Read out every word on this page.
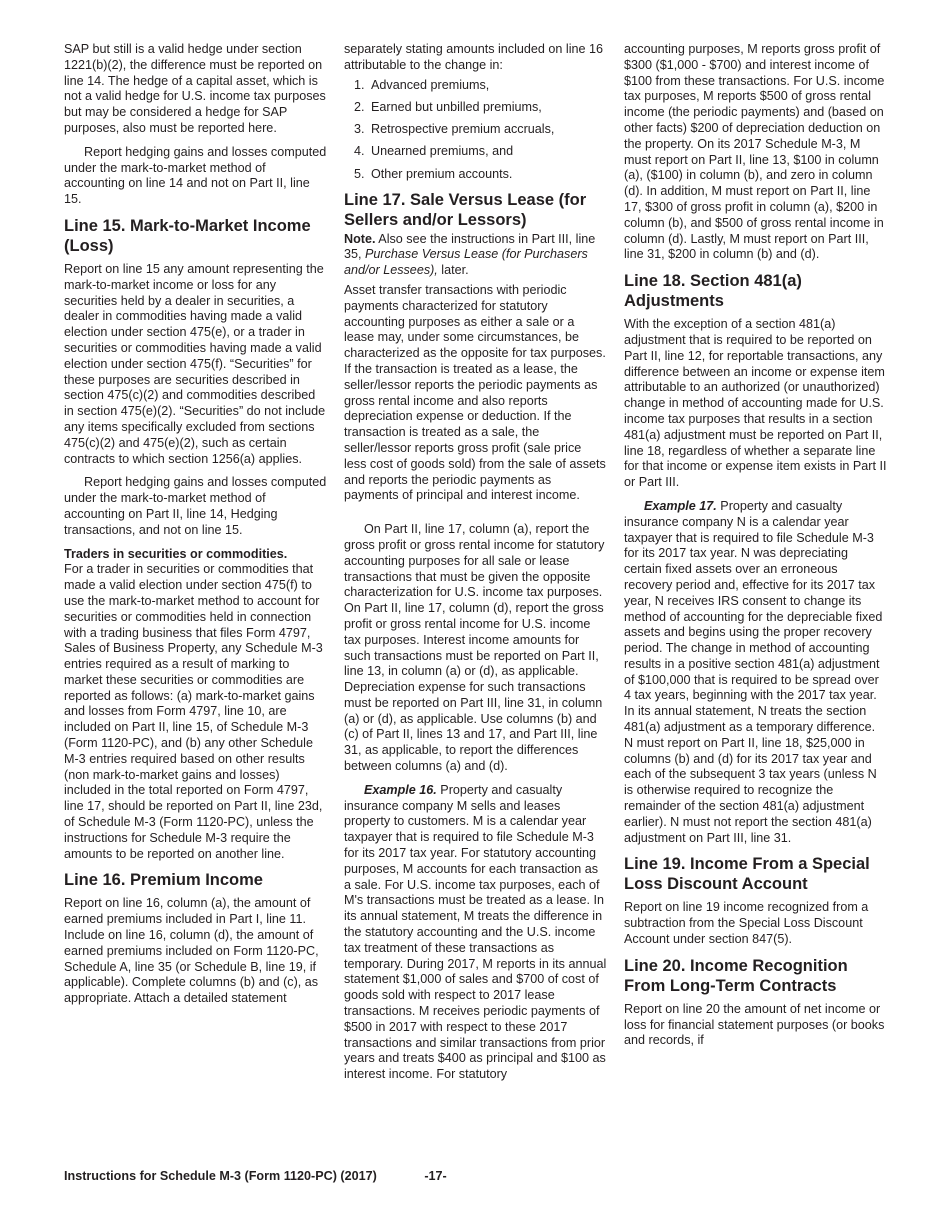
SAP but still is a valid hedge under section 1221(b)(2), the difference must be reported on line 14. The hedge of a capital asset, which is not a valid hedge for U.S. income tax purposes but may be considered a hedge for SAP purposes, also must be reported here.

Report hedging gains and losses computed under the mark-to-market method of accounting on line 14 and not on Part II, line 15.

Line 15. Mark-to-Market Income (Loss)

Report on line 15 any amount representing the mark-to-market income or loss for any securities held by a dealer in securities, a dealer in commodities having made a valid election under section 475(e), or a trader in securities or commodities having made a valid election under section 475(f). “Securities” for these purposes are securities described in section 475(c)(2) and commodities described in section 475(e)(2). “Securities” do not include any items specifically excluded from sections 475(c)(2) and 475(e)(2), such as certain contracts to which section 1256(a) applies.

Report hedging gains and losses computed under the mark-to-market method of accounting on Part II, line 14, Hedging transactions, and not on line 15.

Traders in securities or commodities.

For a trader in securities or commodities that made a valid election under section 475(f) to use the mark-to-market method to account for securities or commodities held in connection with a trading business that files Form 4797, Sales of Business Property, any Schedule M-3 entries required as a result of marking to market these securities or commodities are reported as follows: (a) mark-to-market gains and losses from Form 4797, line 10, are included on Part II, line 15, of Schedule M-3 (Form 1120-PC), and (b) any other Schedule M-3 entries required based on other results (non mark-to-market gains and losses) included in the total reported on Form 4797, line 17, should be reported on Part II, line 23d, of Schedule M-3 (Form 1120-PC), unless the instructions for Schedule M-3 require the amounts to be reported on another line.

Line 16. Premium Income

Report on line 16, column (a), the amount of earned premiums included in Part I, line 11. Include on line 16, column (d), the amount of earned premiums included on Form 1120-PC, Schedule A, line 35 (or Schedule B, line 19, if applicable). Complete columns (b) and (c), as appropriate. Attach a detailed statement

separately stating amounts included on line 16 attributable to the change in:

1. Advanced premiums,
2. Earned but unbilled premiums,
3. Retrospective premium accruals,
4. Unearned premiums, and
5. Other premium accounts.
Line 17. Sale Versus Lease (for Sellers and/or Lessors)

Note. Also see the instructions in Part III, line 35, Purchase Versus Lease (for Purchasers and/or Lessees), later.

Asset transfer transactions with periodic payments characterized for statutory accounting purposes as either a sale or a lease may, under some circumstances, be characterized as the opposite for tax purposes. If the transaction is treated as a lease, the seller/lessor reports the periodic payments as gross rental income and also reports depreciation expense or deduction. If the transaction is treated as a sale, the seller/lessor reports gross profit (sale price less cost of goods sold) from the sale of assets and reports the periodic payments as payments of principal and interest income.

On Part II, line 17, column (a), report the gross profit or gross rental income for statutory accounting purposes for all sale or lease transactions that must be given the opposite characterization for U.S. income tax purposes. On Part II, line 17, column (d), report the gross profit or gross rental income for U.S. income tax purposes. Interest income amounts for such transactions must be reported on Part II, line 13, in column (a) or (d), as applicable. Depreciation expense for such transactions must be reported on Part III, line 31, in column (a) or (d), as applicable. Use columns (b) and (c) of Part II, lines 13 and 17, and Part III, line 31, as applicable, to report the differences between columns (a) and (d).

Example 16. Property and casualty insurance company M sells and leases property to customers. M is a calendar year taxpayer that is required to file Schedule M-3 for its 2017 tax year. For statutory accounting purposes, M accounts for each transaction as a sale. For U.S. income tax purposes, each of M's transactions must be treated as a lease. In its annual statement, M treats the difference in the statutory accounting and the U.S. income tax treatment of these transactions as temporary. During 2017, M reports in its annual statement $1,000 of sales and $700 of cost of goods sold with respect to 2017 lease transactions. M receives periodic payments of $500 in 2017 with respect to these 2017 transactions and similar transactions from prior years and treats $400 as principal and $100 as interest income. For statutory

accounting purposes, M reports gross profit of $300 ($1,000 - $700) and interest income of $100 from these transactions. For U.S. income tax purposes, M reports $500 of gross rental income (the periodic payments) and (based on other facts) $200 of depreciation deduction on the property. On its 2017 Schedule M-3, M must report on Part II, line 13, $100 in column (a), ($100) in column (b), and zero in column (d). In addition, M must report on Part II, line 17, $300 of gross profit in column (a), $200 in column (b), and $500 of gross rental income in column (d). Lastly, M must report on Part III, line 31, $200 in column (b) and (d).

Line 18. Section 481(a) Adjustments

With the exception of a section 481(a) adjustment that is required to be reported on Part II, line 12, for reportable transactions, any difference between an income or expense item attributable to an authorized (or unauthorized) change in method of accounting made for U.S. income tax purposes that results in a section 481(a) adjustment must be reported on Part II, line 18, regardless of whether a separate line for that income or expense item exists in Part II or Part III.

Example 17. Property and casualty insurance company N is a calendar year taxpayer that is required to file Schedule M-3 for its 2017 tax year. N was depreciating certain fixed assets over an erroneous recovery period and, effective for its 2017 tax year, N receives IRS consent to change its method of accounting for the depreciable fixed assets and begins using the proper recovery period. The change in method of accounting results in a positive section 481(a) adjustment of $100,000 that is required to be spread over 4 tax years, beginning with the 2017 tax year. In its annual statement, N treats the section 481(a) adjustment as a temporary difference. N must report on Part II, line 18, $25,000 in columns (b) and (d) for its 2017 tax year and each of the subsequent 3 tax years (unless N is otherwise required to recognize the remainder of the section 481(a) adjustment earlier). N must not report the section 481(a) adjustment on Part III, line 31.

Line 19. Income From a Special Loss Discount Account

Report on line 19 income recognized from a subtraction from the Special Loss Discount Account under section 847(5).

Line 20. Income Recognition From Long-Term Contracts

Report on line 20 the amount of net income or loss for financial statement purposes (or books and records, if

Instructions for Schedule M-3 (Form 1120-PC) (2017)	-17-
